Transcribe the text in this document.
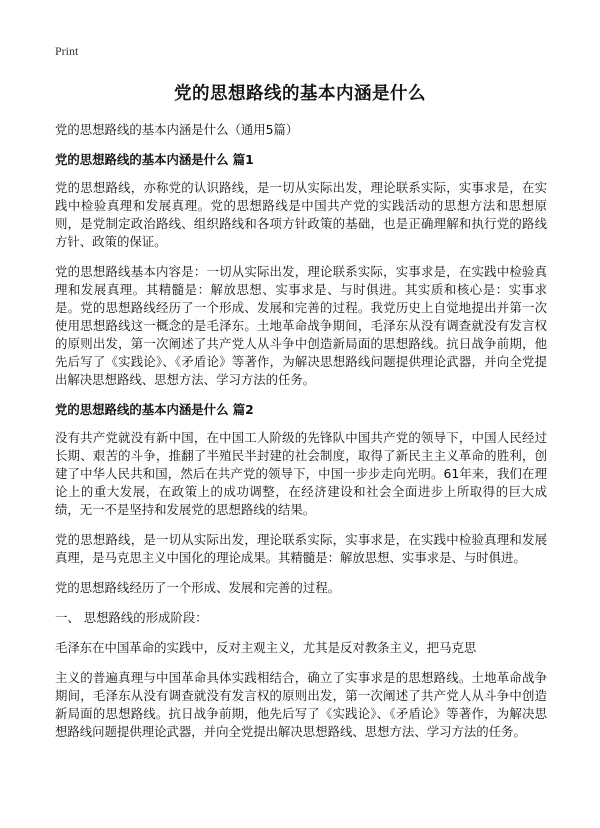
Print
党的思想路线的基本内涵是什么

党的思想路线的基本内涵是什么（通用5篇）

党的思想路线的基本内涵是什么 篇1

党的思想路线，亦称党的认识路线，是一切从实际出发，理论联系实际，实事求是，在实践中检验真理和发展真理。党的思想路线是中国共产党的实践活动的思想方法和思想原则，是党制定政治路线、组织路线和各项方针政策的基础，也是正确理解和执行党的路线方针、政策的保证。

党的思想路线基本内容是：一切从实际出发，理论联系实际，实事求是，在实践中检验真理和发展真理。其精髓是：解放思想、实事求是、与时俱进。其实质和核心是：实事求是。党的思想路线经历了一个形成、发展和完善的过程。我党历史上自觉地提出并第一次使用思想路线这一概念的是毛泽东。土地革命战争期间，毛泽东从没有调查就没有发言权的原则出发，第一次阐述了共产党人从斗争中创造新局面的思想路线。抗日战争前期，他先后写了《实践论》、《矛盾论》等著作，为解决思想路线问题提供理论武器，并向全党提出解决思想路线、思想方法、学习方法的任务。

党的思想路线的基本内涵是什么 篇2

没有共产党就没有新中国，在中国工人阶级的先锋队中国共产党的领导下，中国人民经过长期、艰苦的斗争，推翻了半殖民半封建的社会制度，取得了新民主主义革命的胜利，创建了中华人民共和国，然后在共产党的领导下，中国一步步走向光明。61年来，我们在理论上的重大发展，在政策上的成功调整，在经济建设和社会全面进步上所取得的巨大成绩，无一不是坚持和发展党的思想路线的结果。

党的思想路线，是一切从实际出发，理论联系实际，实事求是，在实践中检验真理和发展真理，是马克思主义中国化的理论成果。其精髓是：解放思想、实事求是、与时俱进。

党的思想路线经历了一个形成、发展和完善的过程。

一、 思想路线的形成阶段：

毛泽东在中国革命的实践中，反对主观主义，尤其是反对教条主义，把马克思

主义的普遍真理与中国革命具体实践相结合，确立了实事求是的思想路线。土地革命战争期间，毛泽东从没有调查就没有发言权的原则出发，第一次阐述了共产党人从斗争中创造新局面的思想路线。抗日战争前期，他先后写了《实践论》、《矛盾论》等著作，为解决思想路线问题提供理论武器，并向全党提出解决思想路线、思想方法、学习方法的任务。
